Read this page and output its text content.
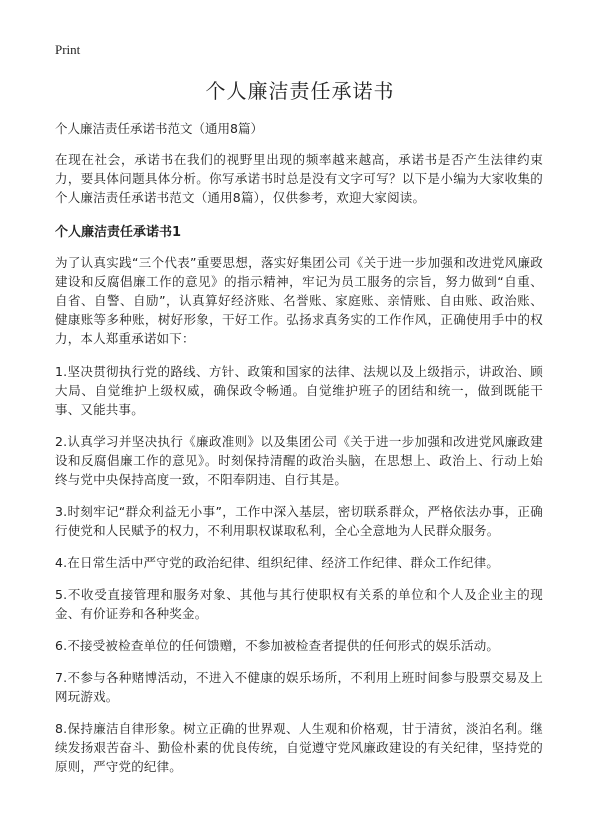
Print
个人廉洁责任承诺书
个人廉洁责任承诺书范文（通用8篇）

在现在社会，承诺书在我们的视野里出现的频率越来越高，承诺书是否产生法律约束力，要具体问题具体分析。你写承诺书时总是没有文字可写？以下是小编为大家收集的个人廉洁责任承诺书范文（通用8篇），仅供参考，欢迎大家阅读。

个人廉洁责任承诺书1

为了认真实践“三个代表”重要思想，落实好集团公司《关于进一步加强和改进党风廉政建设和反腐倡廉工作的意见》的指示精神，牢记为员工服务的宗旨，努力做到“自重、自省、自警、自励”，认真算好经济账、名誉账、家庭账、亲情账、自由账、政治账、健康账等多种账，树好形象，干好工作。弘扬求真务实的工作作风，正确使用手中的权力，本人郑重承诺如下：

1.坚决贯彻执行党的路线、方针、政策和国家的法律、法规以及上级指示，讲政治、顾大局、自觉维护上级权威，确保政令畅通。自觉维护班子的团结和统一，做到既能干事、又能共事。

2.认真学习并坚决执行《廉政准则》以及集团公司《关于进一步加强和改进党风廉政建设和反腐倡廉工作的意见》。时刻保持清醒的政治头脑，在思想上、政治上、行动上始终与党中央保持高度一致，不阳奉阴违、自行其是。

3.时刻牢记“群众利益无小事”，工作中深入基层，密切联系群众，严格依法办事，正确行使党和人民赋予的权力，不利用职权谋取私利，全心全意地为人民群众服务。

4.在日常生活中严守党的政治纪律、组织纪律、经济工作纪律、群众工作纪律。

5.不收受直接管理和服务对象、其他与其行使职权有关系的单位和个人及企业主的现金、有价证券和各种奖金。

6.不接受被检查单位的任何馈赠，不参加被检查者提供的任何形式的娱乐活动。

7.不参与各种赌博活动，不进入不健康的娱乐场所，不利用上班时间参与股票交易及上网玩游戏。

8.保持廉洁自律形象。树立正确的世界观、人生观和价格观，甘于清贫，淡泊名利。继续发扬艰苦奋斗、勤俭朴素的优良传统，自觉遵守党风廉政建设的有关纪律，坚持党的原则，严守党的纪律。
